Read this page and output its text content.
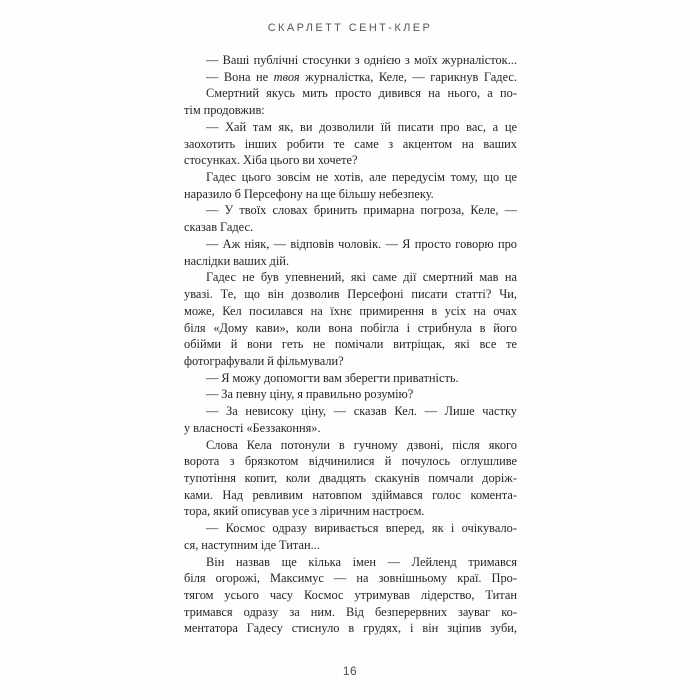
СКАРЛЕТТ СЕНТ-КЛЕР
— Ваші публічні стосунки з однією з моїх журналісток...
— Вона не твоя журналістка, Келе, — гарикнув Гадес.
Смертний якусь мить просто дивився на нього, а по-
тім продовжив:
— Хай там як, ви дозволили їй писати про вас, а це
заохотить інших робити те саме з акцентом на ваших
стосунках. Хіба цього ви хочете?
Гадес цього зовсім не хотів, але передусім тому, що це
наразило б Персефону на ще більшу небезпеку.
— У твоїх словах бринить примарна погроза, Келе, —
сказав Гадес.
— Аж ніяк, — відповів чоловік. — Я просто говорю про
наслідки ваших дій.
Гадес не був упевнений, які саме дії смертний мав на
увазі. Те, що він дозволив Персефоні писати статті? Чи,
може, Кел посилався на їхнє примирення в усіх на очах
біля «Дому кави», коли вона побігла і стрибнула в його
обійми й вони геть не помічали витріщак, які все те
фотографували й фільмували?
— Я можу допомогти вам зберегти приватність.
— За певну ціну, я правильно розумію?
— За невисоку ціну, — сказав Кел. — Лише частку
у власності «Беззаконня».
Слова Кела потонули в гучному дзвоні, після якого
ворота з брязкотом відчинилися й почулось оглушливе
тупотіння копит, коли двадцять скакунів помчали доріж-
ками. Над ревливим натовпом здіймався голос комента-
тора, який описував усе з ліричним настроєм.
— Космос одразу виривається вперед, як і очікувало-
ся, наступним іде Титан...
Він назвав ще кілька імен — Лейленд тримався
біля огорожі, Максимус — на зовнішньому краї. Про-
тягом усього часу Космос утримував лідерство, Титан
тримався одразу за ним. Від безперервних зауваг ко-
ментатора Гадесу стиснуло в грудях, і він зціпив зуби,
16
